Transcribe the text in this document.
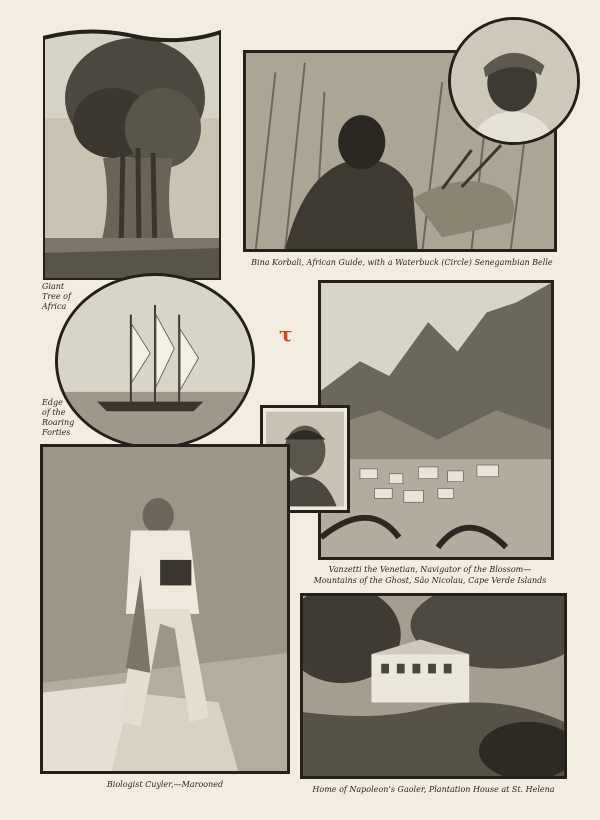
Giant
Tree of
Africa
Bina Korbali, African Guide, with a Waterbuck (Circle) Senegambian Belle
Edge
of the
Roaring
Forties
τ
Vanzetti the Venetian, Navigator of the Blossom—
Mountains of the Ghost, São Nicolau, Cape Verde Islands
Biologist Cuyler,—Marooned
Home of Napoleon’s Gaoler, Plantation House at St. Helena
